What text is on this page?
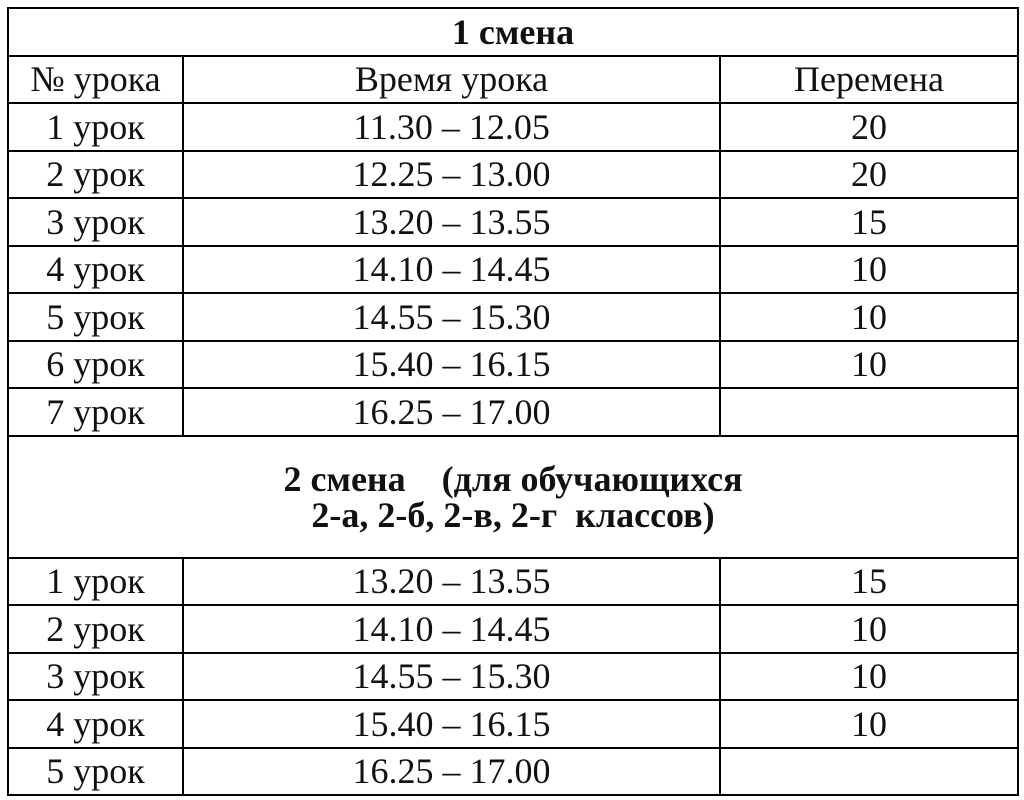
1 смена		
№ урока	Время урока	Перемена
1 урок	11.30 – 12.05	20
2 урок	12.25 – 13.00	20
3 урок	13.20 – 13.55	15
4 урок	14.10 – 14.45	10
5 урок	14.55 – 15.30	10
6 урок	15.40 – 16.15	10
7 урок	16.25 – 17.00	

2 смена    (для обучающихся
2-а, 2-б, 2-в, 2-г  классов)		

1 урок	13.20 – 13.55	15
2 урок	14.10 – 14.45	10
3 урок	14.55 – 15.30	10
4 урок	15.40 – 16.15	10
5 урок	16.25 – 17.00	
